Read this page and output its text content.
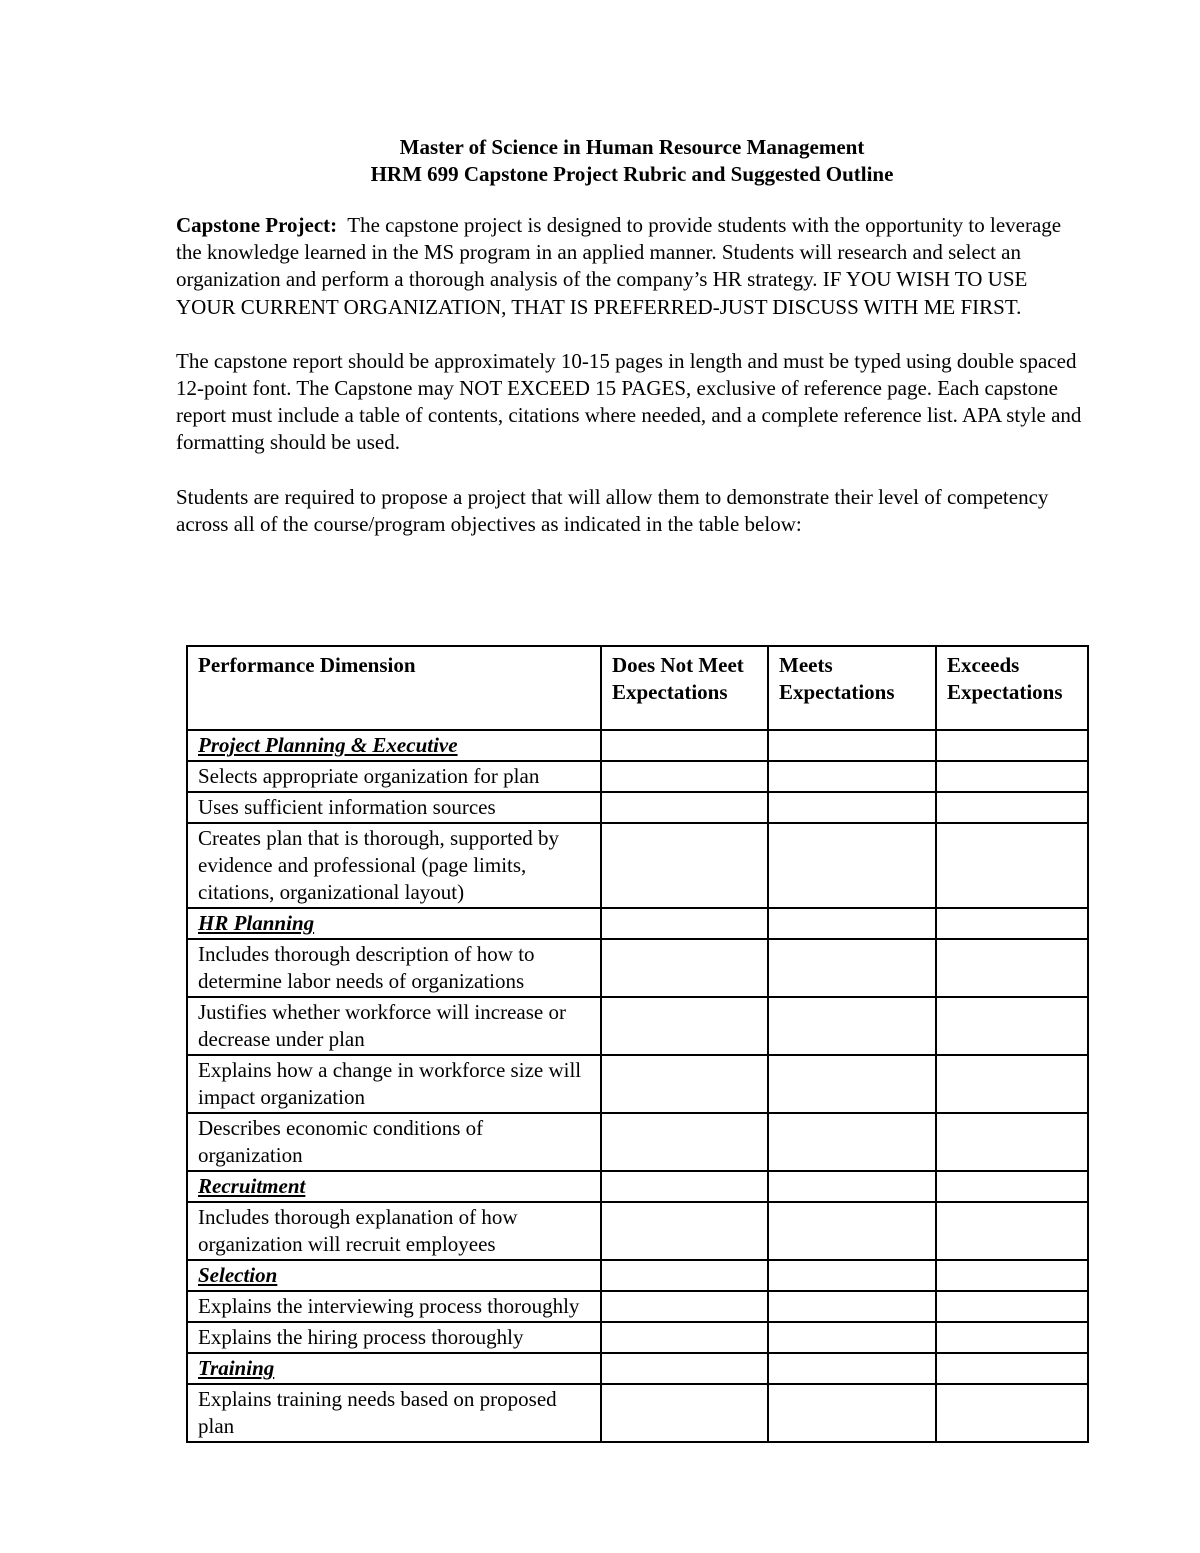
Master of Science in Human Resource Management
HRM 699 Capstone Project Rubric and Suggested Outline

Capstone Project:  The capstone project is designed to provide students with the opportunity to leverage the knowledge learned in the MS program in an applied manner. Students will research and select an organization and perform a thorough analysis of the company’s HR strategy. IF YOU WISH TO USE YOUR CURRENT ORGANIZATION, THAT IS PREFERRED-JUST DISCUSS WITH ME FIRST.

The capstone report should be approximately 10-15 pages in length and must be typed using double spaced 12-point font. The Capstone may NOT EXCEED 15 PAGES, exclusive of reference page. Each capstone report must include a table of contents, citations where needed, and a complete reference list. APA style and formatting should be used.

Students are required to propose a project that will allow them to demonstrate their level of competency across all of the course/program objectives as indicated in the table below:

Performance Dimension	Does Not Meet Expectations	Meets Expectations	Exceeds Expectations
Project Planning & Executive			
Selects appropriate organization for plan			
Uses sufficient information sources			
Creates plan that is thorough, supported by evidence and professional (page limits, citations, organizational layout)			
HR Planning			
Includes thorough description of how to determine labor needs of organizations			
Justifies whether workforce will increase or decrease under plan			
Explains how a change in workforce size will impact organization			
Describes economic conditions of organization			
Recruitment			
Includes thorough explanation of how organization will recruit employees			
Selection			
Explains the interviewing process thoroughly			
Explains the hiring process thoroughly			
Training			
Explains training needs based on proposed plan			
